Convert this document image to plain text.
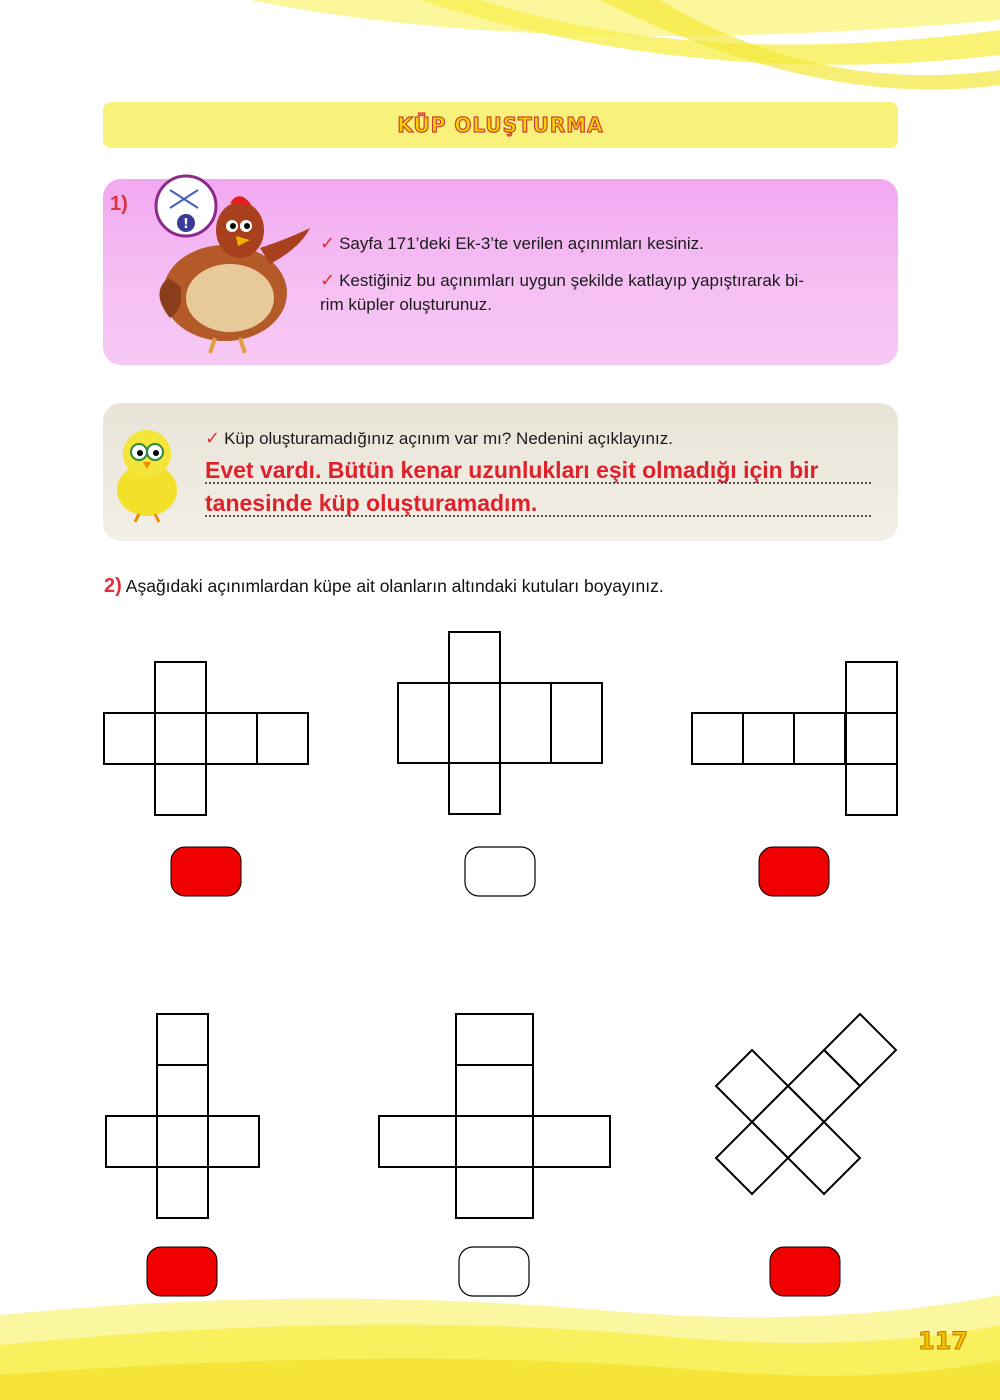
KÜP OLUŞTURMA
1)
!
✓ Sayfa 171’deki Ek-3’te verilen açınımları kesiniz.
✓ Kestiğiniz bu açınımları uygun şekilde katlayıp yapıştırarak bi-
rim küpler oluşturunuz.
✓ Küp oluşturamadığınız açınım var mı? Nedenini açıklayınız.
Evet vardı. Bütün kenar uzunlukları eşit olmadığı için bir
tanesinde küp oluşturamadım.
2) Aşağıdaki açınımlardan küpe ait olanların altındaki kutuları boyayınız.
117
